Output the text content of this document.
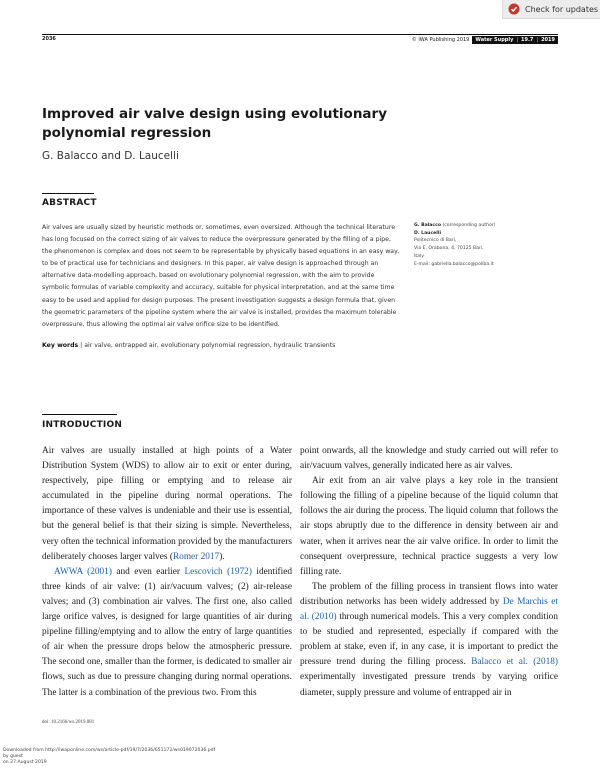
Check for updates
2036	© IWA Publishing 2019 Water Supply | 19.7 | 2019
Improved air valve design using evolutionary polynomial regression
G. Balacco and D. Laucelli
ABSTRACT
Air valves are usually sized by heuristic methods or, sometimes, even oversized. Although the technical literature has long focused on the correct sizing of air valves to reduce the overpressure generated by the filling of a pipe, the phenomenon is complex and does not seem to be representable by physically based equations in an easy way, to be of practical use for technicians and designers. In this paper, air valve design is approached through an alternative data-modelling approach, based on evolutionary polynomial regression, with the aim to provide symbolic formulas of variable complexity and accuracy, suitable for physical interpretation, and at the same time easy to be used and applied for design purposes. The present investigation suggests a design formula that, given the geometric parameters of the pipeline system where the air valve is installed, provides the maximum tolerable overpressure, thus allowing the optimal air valve orifice size to be identified.
Key words | air valve, entrapped air, evolutionary polynomial regression, hydraulic transients
G. Balacco (corresponding author)
D. Laucelli
Politecnico di Bari,
Via E. Orabona, 4, 70125 Bari,
Italy
E-mail: gabriella.balacco@poliba.it
INTRODUCTION

Air valves are usually installed at high points of a Water Distribution System (WDS) to allow air to exit or enter during, respectively, pipe filling or emptying and to release air accumulated in the pipeline during normal operations. The importance of these valves is undeniable and their use is essential, but the general belief is that their sizing is simple. Nevertheless, very often the technical information provided by the manufacturers deliberately chooses larger valves (Romer 2017).

AWWA (2001) and even earlier Lescovich (1972) identified three kinds of air valve: (1) air/vacuum valves; (2) air-release valves; and (3) combination air valves. The first one, also called large orifice valves, is designed for large quantities of air during pipeline filling/emptying and to allow the entry of large quantities of air when the pressure drops below the atmospheric pressure. The second one, smaller than the former, is dedicated to smaller air flows, such as due to pressure changing during normal operations. The latter is a combination of the previous two. From this

point onwards, all the knowledge and study carried out will refer to air/vacuum valves, generally indicated here as air valves.

Air exit from an air valve plays a key role in the transient following the filling of a pipeline because of the liquid column that follows the air during the process. The liquid column that follows the air stops abruptly due to the difference in density between air and water, when it arrives near the air valve orifice. In order to limit the consequent overpressure, technical practice suggests a very low filling rate.

The problem of the filling process in transient flows into water distribution networks has been widely addressed by De Marchis et al. (2010) through numerical models. This a very complex condition to be studied and represented, especially if compared with the problem at stake, even if, in any case, it is important to predict the pressure trend during the filling process. Balacco et al. (2018) experimentally investigated pressure trends by varying orifice diameter, supply pressure and volume of entrapped air in

doi: 10.2166/ws.2019.081
Downloaded from http://iwaponline.com/ws/article-pdf/19/7/2036/651172/ws019072036.pdf
by guest
on 27 August 2019
